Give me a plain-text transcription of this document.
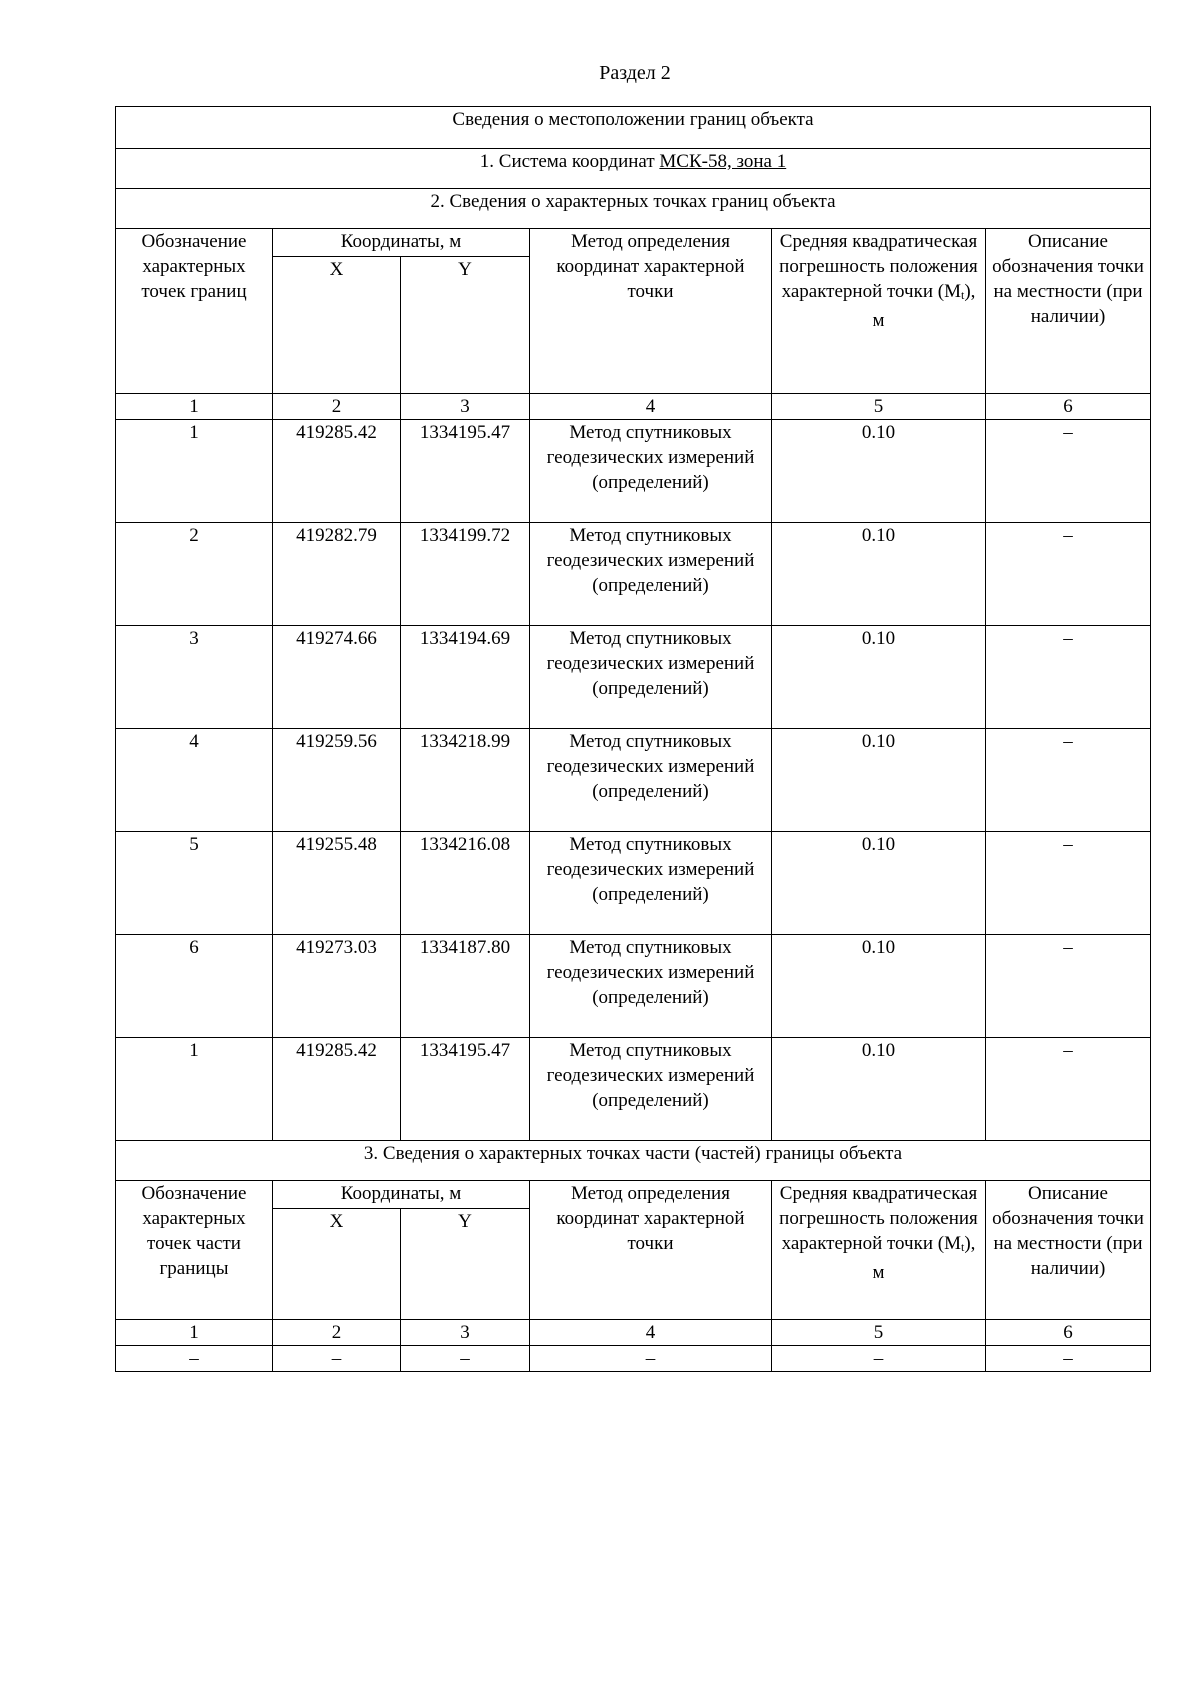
Раздел 2
Сведения о местоположении границ объекта					
1. Система координат МСК-58, зона 1					
2. Сведения о характерных точках границ объекта					
Обозначение характерных точек границ	Координаты, м		Метод определения координат характерной точки	Средняя квадратическая погрешность положения характерной точки (Mt), м	Описание обозначения точки на местности (при наличии)
	X	Y			
1	2	3	4	5	6
1	419285.42	1334195.47	Метод спутниковых геодезических измерений (определений)	0.10	–
2	419282.79	1334199.72	Метод спутниковых геодезических измерений (определений)	0.10	–
3	419274.66	1334194.69	Метод спутниковых геодезических измерений (определений)	0.10	–
4	419259.56	1334218.99	Метод спутниковых геодезических измерений (определений)	0.10	–
5	419255.48	1334216.08	Метод спутниковых геодезических измерений (определений)	0.10	–
6	419273.03	1334187.80	Метод спутниковых геодезических измерений (определений)	0.10	–
1	419285.42	1334195.47	Метод спутниковых геодезических измерений (определений)	0.10	–
3. Сведения о характерных точках части (частей) границы объекта					
Обозначение характерных точек части границы	Координаты, м		Метод определения координат характерной точки	Средняя квадратическая погрешность положения характерной точки (Mt), м	Описание обозначения точки на местности (при наличии)
	X	Y			
1	2	3	4	5	6
–	–	–	–	–	–
